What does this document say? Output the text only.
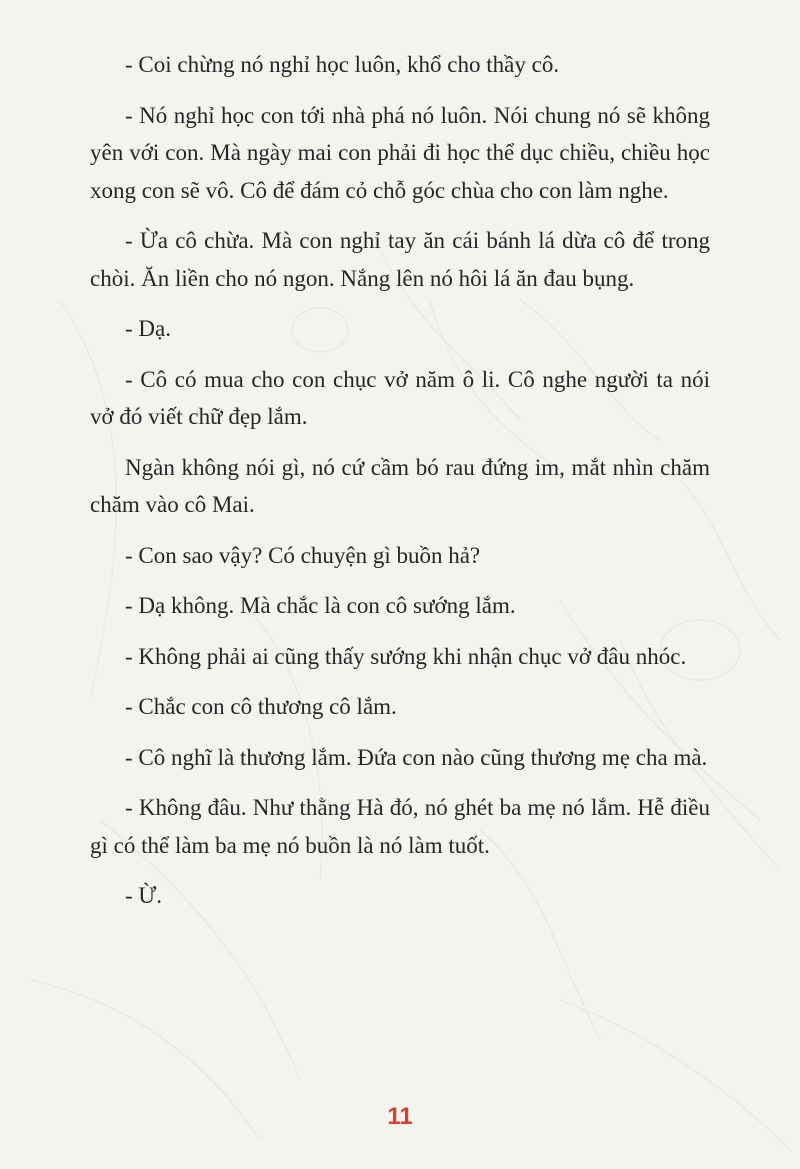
- Coi chừng nó nghỉ học luôn, khổ cho thầy cô.

- Nó nghỉ học con tới nhà phá nó luôn. Nói chung nó sẽ không yên với con. Mà ngày mai con phải đi học thể dục chiều, chiều học xong con sẽ vô. Cô để đám cỏ chỗ góc chùa cho con làm nghe.

- Ừa cô chừa. Mà con nghỉ tay ăn cái bánh lá dừa cô để trong chòi. Ăn liền cho nó ngon. Nắng lên nó hôi lá ăn đau bụng.

- Dạ.

- Cô có mua cho con chục vở năm ô li. Cô nghe người ta nói vở đó viết chữ đẹp lắm.

Ngàn không nói gì, nó cứ cầm bó rau đứng im, mắt nhìn chăm chăm vào cô Mai.

- Con sao vậy? Có chuyện gì buồn hả?

- Dạ không. Mà chắc là con cô sướng lắm.

- Không phải ai cũng thấy sướng khi nhận chục vở đâu nhóc.

- Chắc con cô thương cô lắm.

- Cô nghĩ là thương lắm. Đứa con nào cũng thương mẹ cha mà.

- Không đâu. Như thằng Hà đó, nó ghét ba mẹ nó lắm. Hễ điều gì có thể làm ba mẹ nó buồn là nó làm tuốt.

- Ừ.

11
